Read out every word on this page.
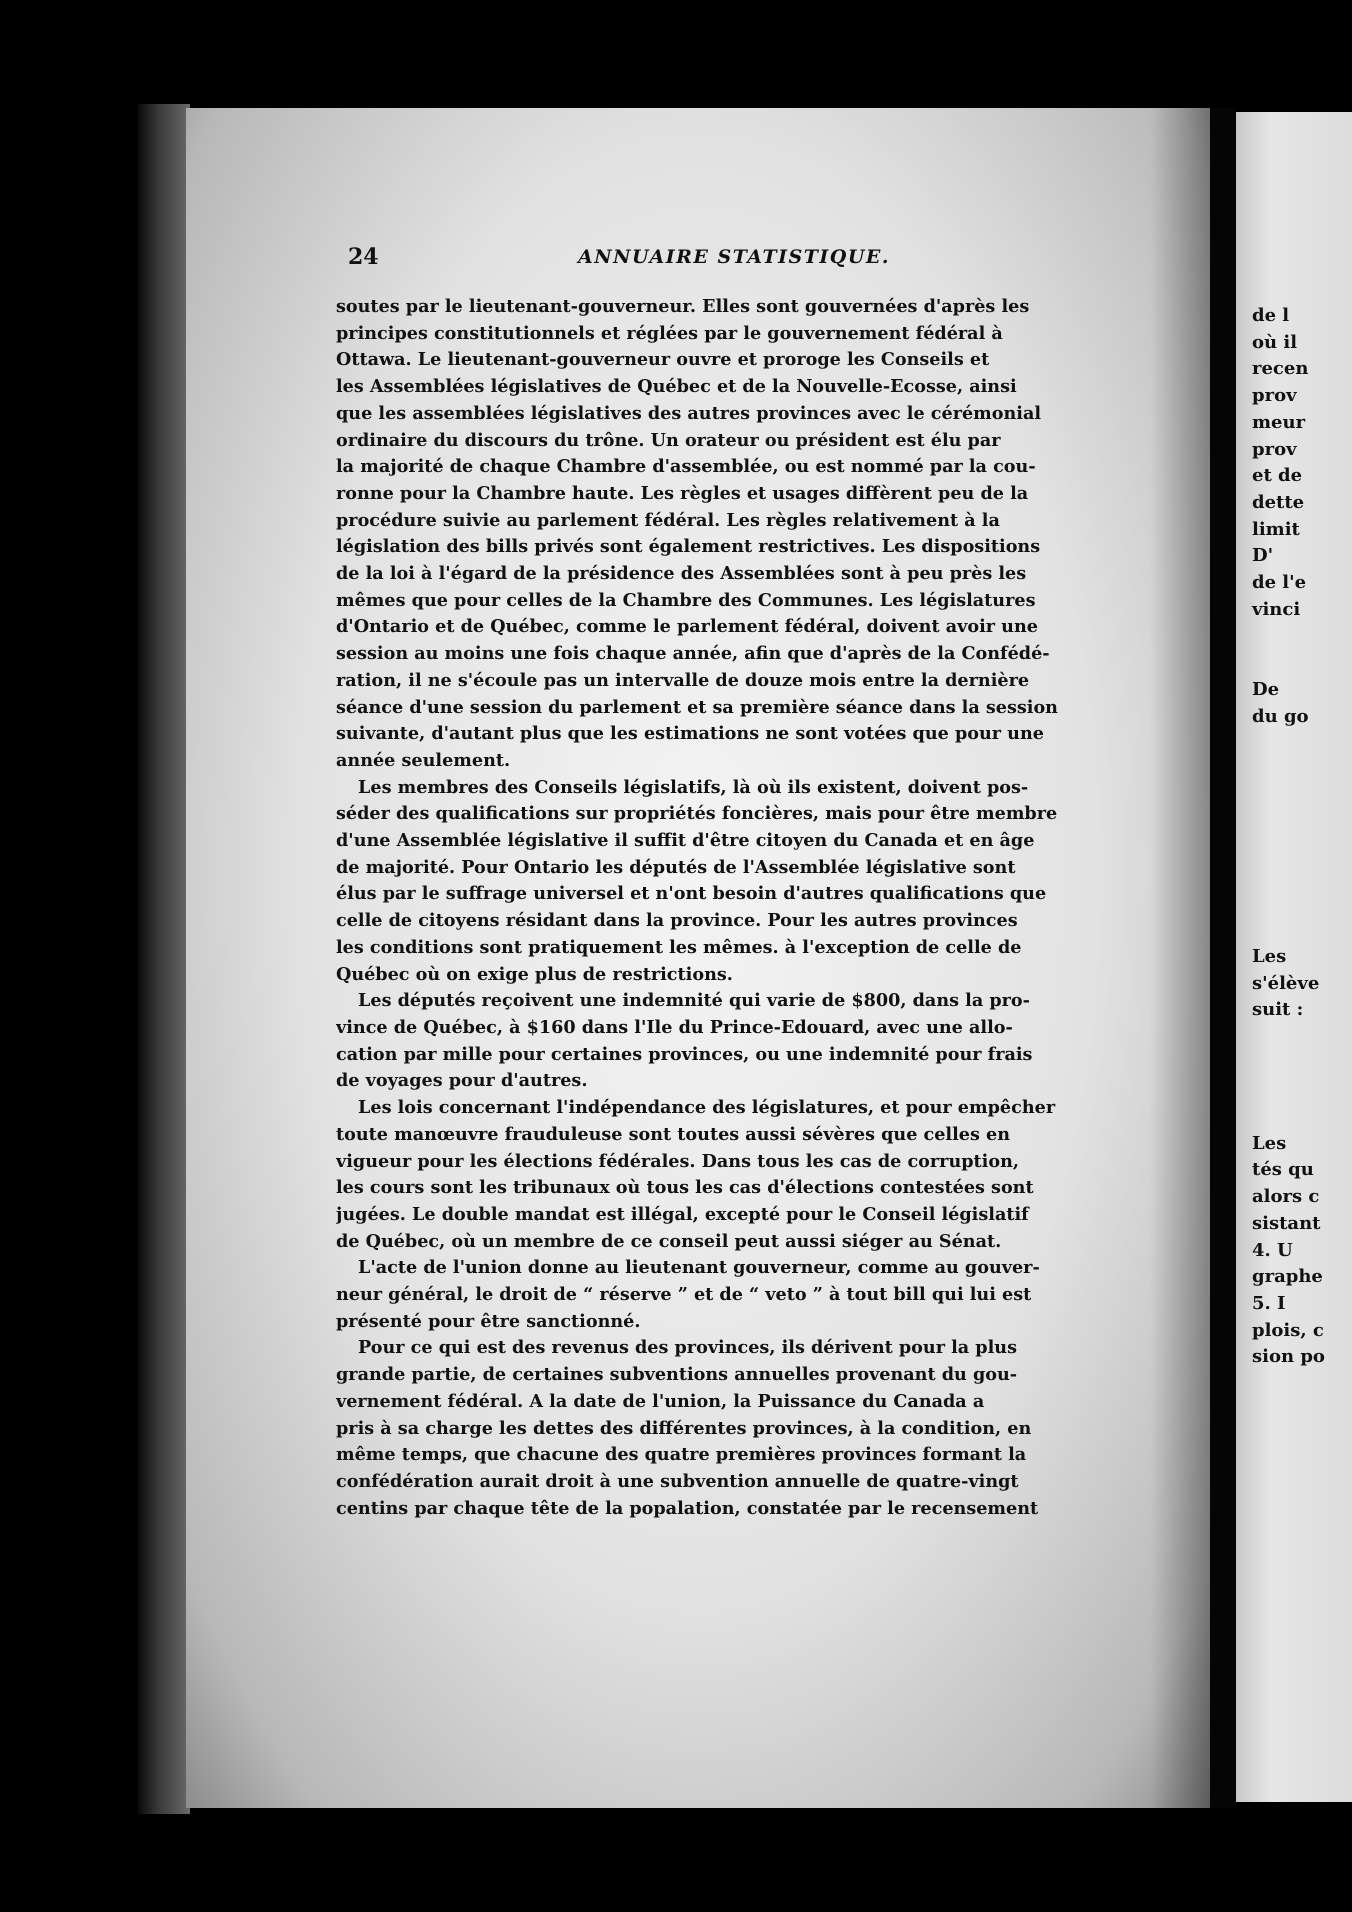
24	ANNUAIRE STATISTIQUE.
soutes par le lieutenant-gouverneur. Elles sont gouvernées d'après les
principes constitutionnels et réglées par le gouvernement fédéral à
Ottawa. Le lieutenant-gouverneur ouvre et proroge les Conseils et
les Assemblées législatives de Québec et de la Nouvelle-Ecosse, ainsi
que les assemblées législatives des autres provinces avec le cérémonial
ordinaire du discours du trône. Un orateur ou président est élu par
la majorité de chaque Chambre d'assemblée, ou est nommé par la cou-
ronne pour la Chambre haute. Les règles et usages diffèrent peu de la
procédure suivie au parlement fédéral. Les règles relativement à la
législation des bills privés sont également restrictives. Les dispositions
de la loi à l'égard de la présidence des Assemblées sont à peu près les
mêmes que pour celles de la Chambre des Communes. Les législatures
d'Ontario et de Québec, comme le parlement fédéral, doivent avoir une
session au moins une fois chaque année, afin que d'après de la Confédé-
ration, il ne s'écoule pas un intervalle de douze mois entre la dernière
séance d'une session du parlement et sa première séance dans la session
suivante, d'autant plus que les estimations ne sont votées que pour une
année seulement.
Les membres des Conseils législatifs, là où ils existent, doivent pos-
séder des qualifications sur propriétés foncières, mais pour être membre
d'une Assemblée législative il suffit d'être citoyen du Canada et en âge
de majorité. Pour Ontario les députés de l'Assemblée législative sont
élus par le suffrage universel et n'ont besoin d'autres qualifications que
celle de citoyens résidant dans la province. Pour les autres provinces
les conditions sont pratiquement les mêmes. à l'exception de celle de
Québec où on exige plus de restrictions.
Les députés reçoivent une indemnité qui varie de $800, dans la pro-
vince de Québec, à $160 dans l'Ile du Prince-Edouard, avec une allo-
cation par mille pour certaines provinces, ou une indemnité pour frais
de voyages pour d'autres.
Les lois concernant l'indépendance des législatures, et pour empêcher
toute manœuvre frauduleuse sont toutes aussi sévères que celles en
vigueur pour les élections fédérales. Dans tous les cas de corruption,
les cours sont les tribunaux où tous les cas d'élections contestées sont
jugées. Le double mandat est illégal, excepté pour le Conseil législatif
de Québec, où un membre de ce conseil peut aussi siéger au Sénat.
L'acte de l'union donne au lieutenant gouverneur, comme au gouver-
neur général, le droit de “ réserve ” et de “ veto ” à tout bill qui lui est
présenté pour être sanctionné.
Pour ce qui est des revenus des provinces, ils dérivent pour la plus
grande partie, de certaines subventions annuelles provenant du gou-
vernement fédéral. A la date de l'union, la Puissance du Canada a
pris à sa charge les dettes des différentes provinces, à la condition, en
même temps, que chacune des quatre premières provinces formant la
confédération aurait droit à une subvention annuelle de quatre-vingt
centins par chaque tête de la popalation, constatée par le recensement
de l
où il
recen
prov
meur
prov
et de
dette
limit
D'
de l'e
vinci
De
du go
Les
s'élève
suit :
Les
tés qu
alors c
sistant
4. U
graphe
5. I
plois, c
sion po
